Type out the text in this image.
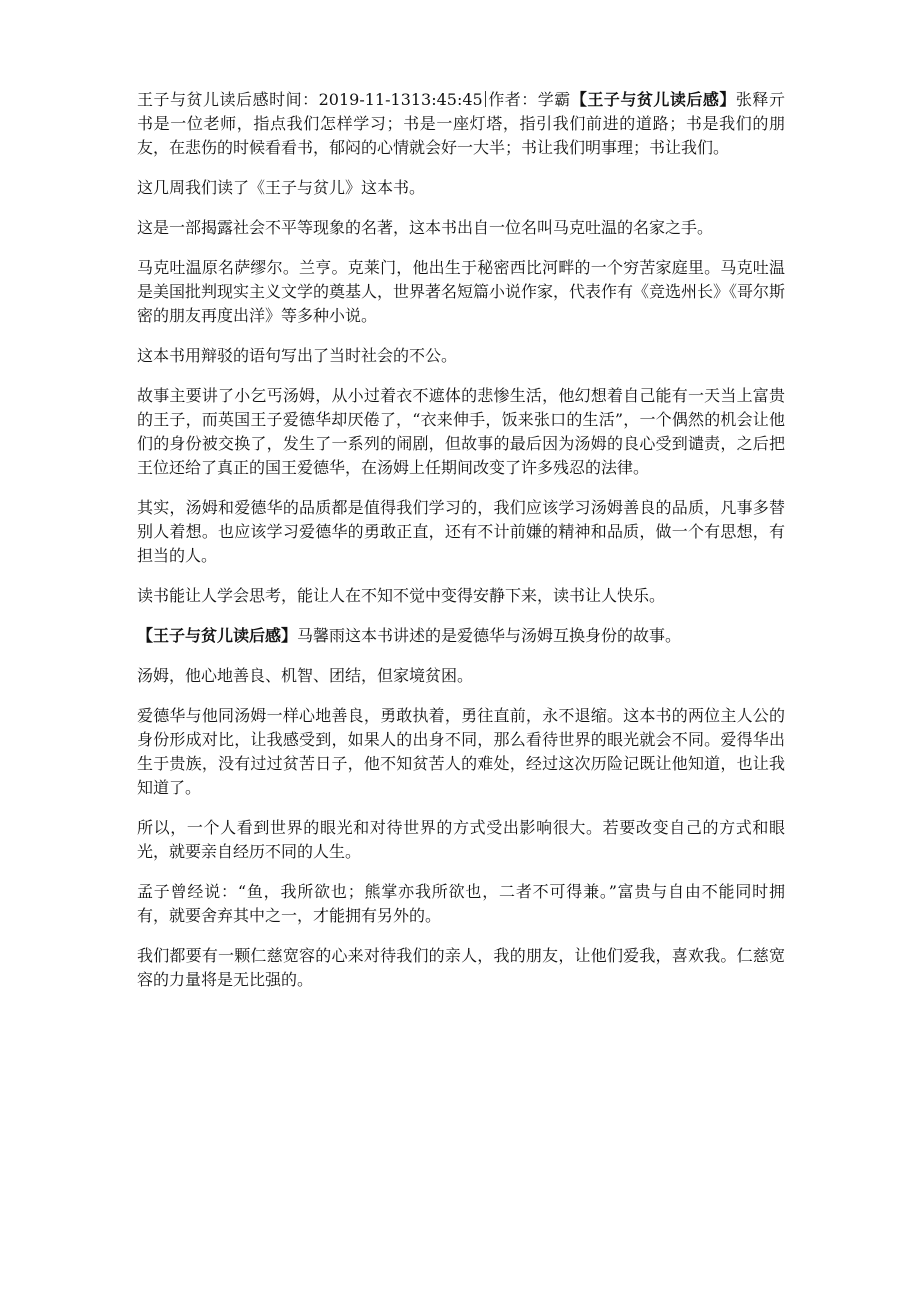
王子与贫儿读后感时间：2019-11-1313:45:45 作者：学霸【王子与贫儿读后感】张释亓书是一位老师，指点我们怎样学习；书是一座灯塔，指引我们前进的道路；书是我们的朋友，在悲伤的时候看看书，郁闷的心情就会好一大半；书让我们明事理；书让我们。

这几周我们读了《王子与贫儿》这本书。

这是一部揭露社会不平等现象的名著，这本书出自一位名叫马克吐温的名家之手。

马克吐温原名萨缪尔。兰亨。克莱门，他出生于秘密西比河畔的一个穷苦家庭里。马克吐温是美国批判现实主义文学的奠基人，世界著名短篇小说作家，代表作有《竞选州长》《哥尔斯密的朋友再度出洋》等多种小说。

这本书用辩驳的语句写出了当时社会的不公。

故事主要讲了小乞丐汤姆，从小过着衣不遮体的悲惨生活，他幻想着自己能有一天当上富贵的王子，而英国王子爱德华却厌倦了，“衣来伸手，饭来张口的生活”，一个偶然的机会让他们的身份被交换了，发生了一系列的闹剧，但故事的最后因为汤姆的良心受到谴责，之后把王位还给了真正的国王爱德华，在汤姆上任期间改变了许多残忍的法律。

其实，汤姆和爱德华的品质都是值得我们学习的，我们应该学习汤姆善良的品质，凡事多替别人着想。也应该学习爱德华的勇敢正直，还有不计前嫌的精神和品质，做一个有思想，有担当的人。

读书能让人学会思考，能让人在不知不觉中变得安静下来，读书让人快乐。

【王子与贫儿读后感】马馨雨这本书讲述的是爱德华与汤姆互换身份的故事。

汤姆，他心地善良、机智、团结，但家境贫困。

爱德华与他同汤姆一样心地善良，勇敢执着，勇往直前，永不退缩。这本书的两位主人公的身份形成对比，让我感受到，如果人的出身不同，那么看待世界的眼光就会不同。爱得华出生于贵族，没有过过贫苦日子，他不知贫苦人的难处，经过这次历险记既让他知道，也让我知道了。

所以，一个人看到世界的眼光和对待世界的方式受出影响很大。若要改变自己的方式和眼光，就要亲自经历不同的人生。

孟子曾经说：“鱼，我所欲也；熊掌亦我所欲也，二者不可得兼。”富贵与自由不能同时拥有，就要舍弃其中之一，才能拥有另外的。

我们都要有一颗仁慈宽容的心来对待我们的亲人，我的朋友，让他们爱我，喜欢我。仁慈宽容的力量将是无比强的。
